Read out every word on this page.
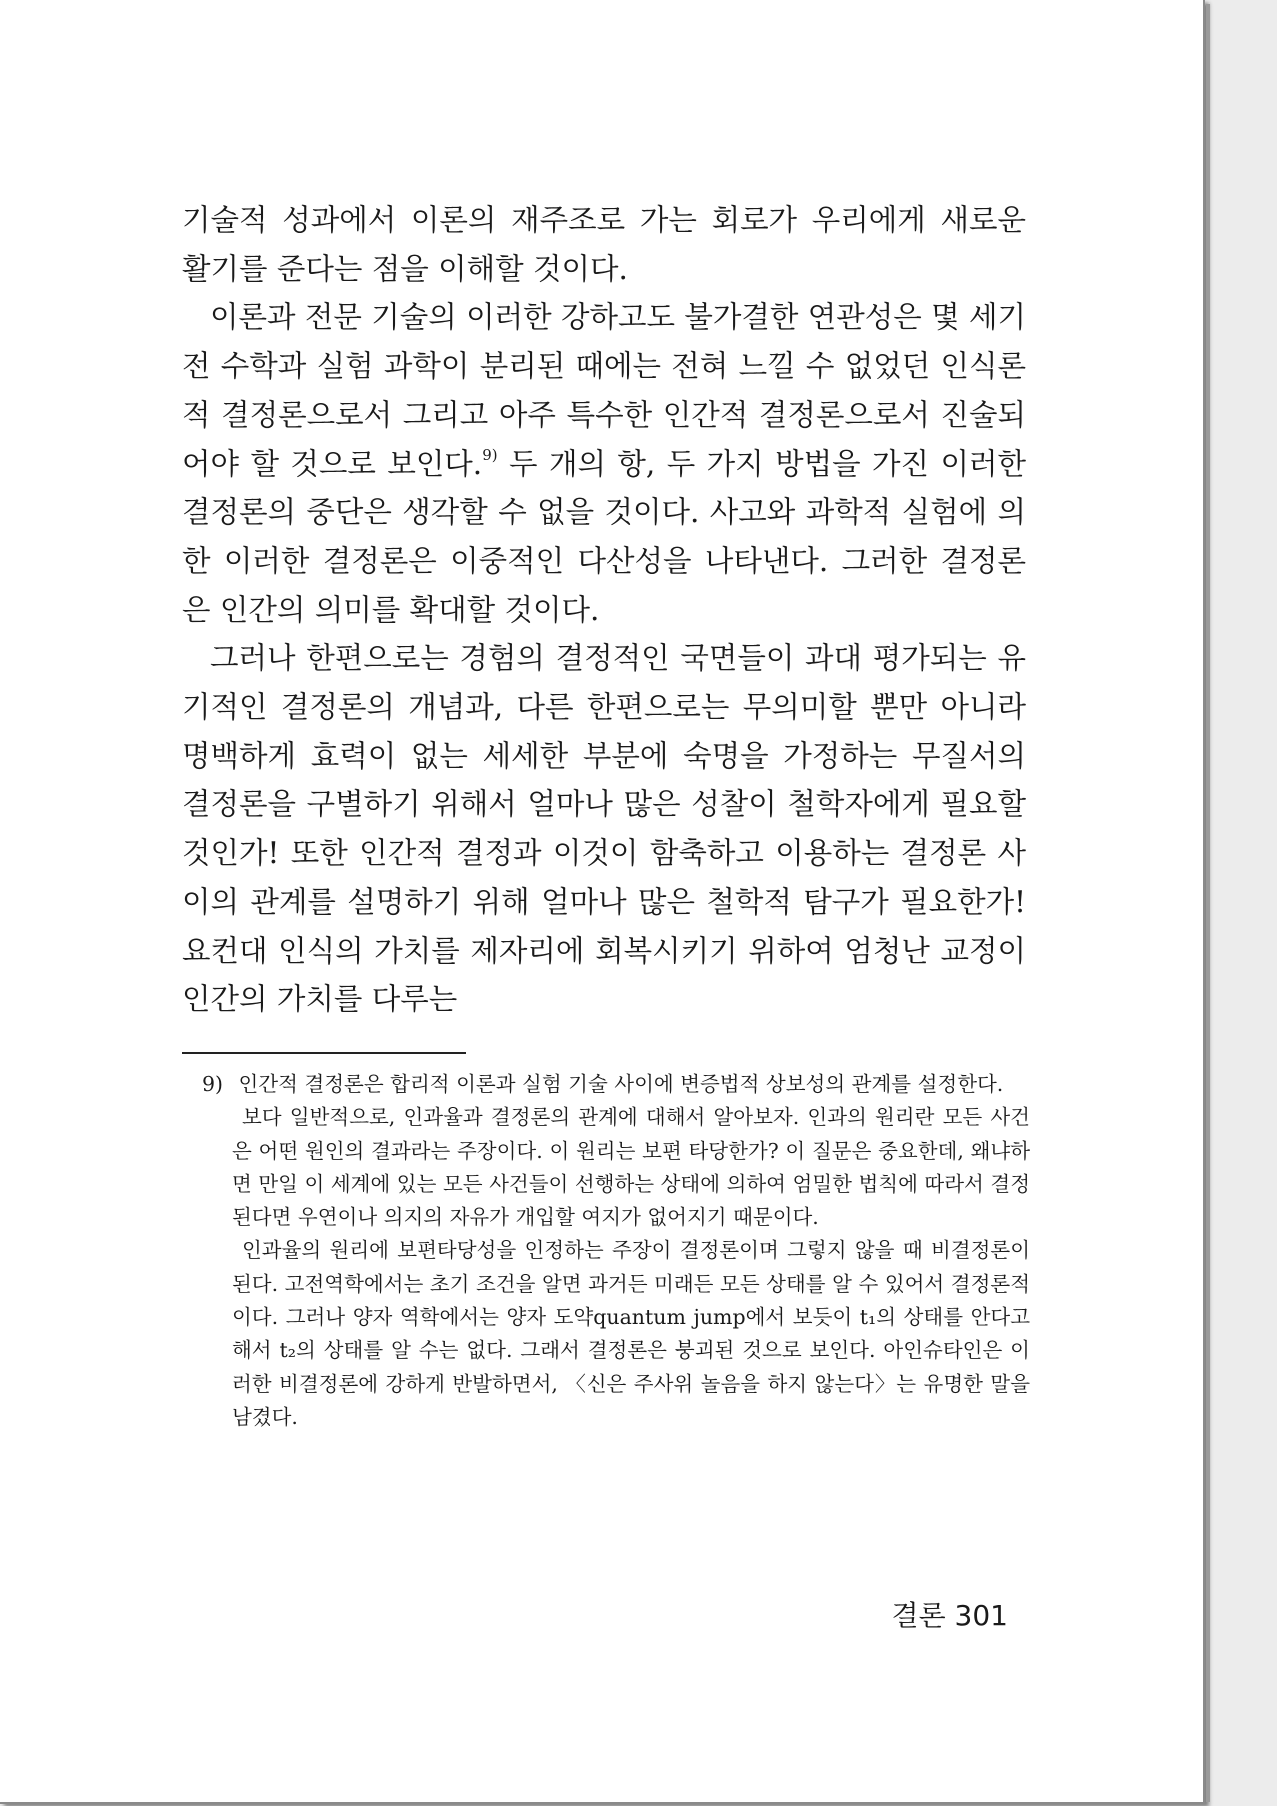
기술적 성과에서 이론의 재주조로 가는 회로가 우리에게 새로운 활기를 준다는 점을 이해할 것이다.

이론과 전문 기술의 이러한 강하고도 불가결한 연관성은 몇 세기전 수학과 실험 과학이 분리된 때에는 전혀 느낄 수 없었던 인식론적 결정론으로서 그리고 아주 특수한 인간적 결정론으로서 진술되어야 할 것으로 보인다.$^{9)}$ 두 개의 항, 두 가지 방법을 가진 이러한 결정론의 중단은 생각할 수 없을 것이다. 사고와 과학적 실험에 의한 이러한 결정론은 이중적인 다산성을 나타낸다. 그러한 결정론은 인간의 의미를 확대할 것이다.

그러나 한편으로는 경험의 결정적인 국면들이 과대 평가되는 유기적인 결정론의 개념과, 다른 한편으로는 무의미할 뿐만 아니라 명백하게 효력이 없는 세세한 부분에 숙명을 가정하는 무질서의 결정론을 구별하기 위해서 얼마나 많은 성찰이 철학자에게 필요할 것인가! 또한 인간적 결정과 이것이 함축하고 이용하는 결정론 사이의 관계를 설명하기 위해 얼마나 많은 철학적 탐구가 필요한가! 요컨대 인식의 가치를 제자리에 회복시키기 위하여 엄청난 교정이 인간의 가치를 다루는

9) 인간적 결정론은 합리적 이론과 실험 기술 사이에 변증법적 상보성의 관계를 설정한다.

보다 일반적으로, 인과율과 결정론의 관계에 대해서 알아보자. 인과의 원리란 모든 사건은 어떤 원인의 결과라는 주장이다. 이 원리는 보편 타당한가? 이 질문은 중요한데, 왜냐하면 만일 이 세계에 있는 모든 사건들이 선행하는 상태에 의하여 엄밀한 법칙에 따라서 결정된다면 우연이나 의지의 자유가 개입할 여지가 없어지기 때문이다.

인과율의 원리에 보편타당성을 인정하는 주장이 결정론이며 그렇지 않을 때 비결정론이 된다. 고전역학에서는 초기 조건을 알면 과거든 미래든 모든 상태를 알 수 있어서 결정론적이다. 그러나 양자 역학에서는 양자 도약quantum jump에서 보듯이 t₁의 상태를 안다고 해서 t₂의 상태를 알 수는 없다. 그래서 결정론은 붕괴된 것으로 보인다. 아인슈타인은 이러한 비결정론에 강하게 반발하면서, 〈신은 주사위 놀음을 하지 않는다〉는 유명한 말을 남겼다.

결론 301
